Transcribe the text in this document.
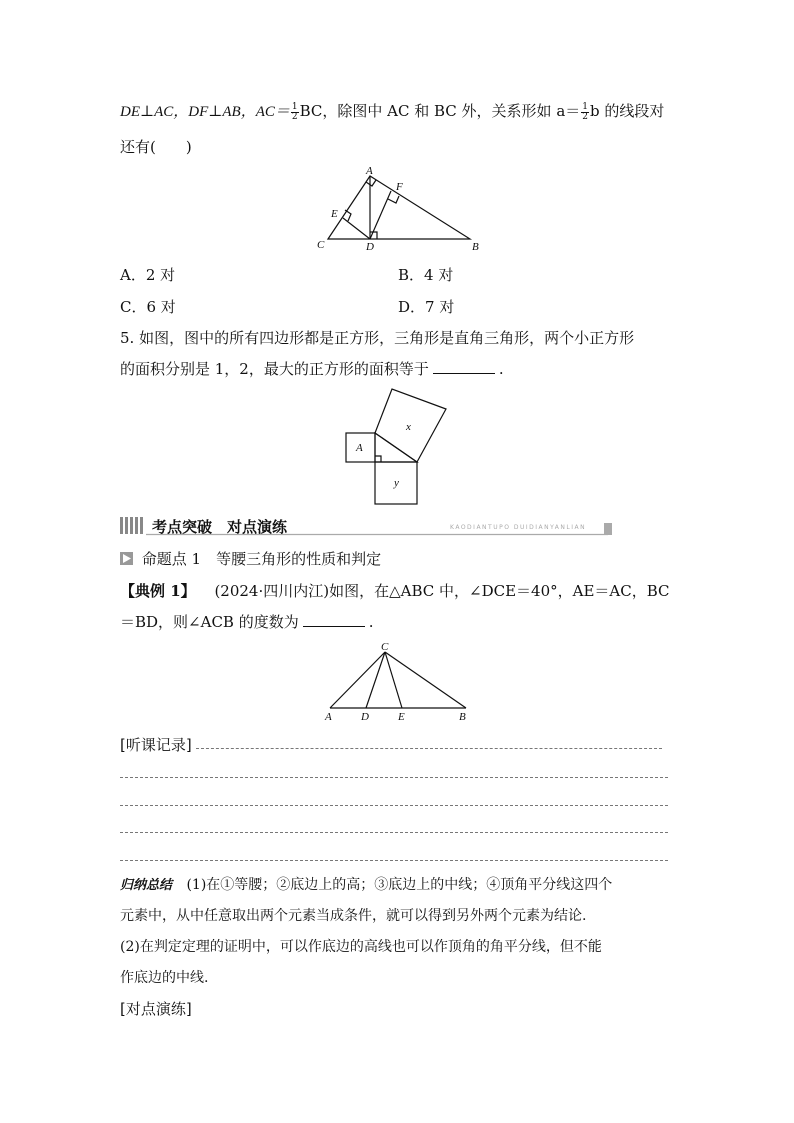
DE⊥AC，DF⊥AB，$AC= \frac{1}{2}$ BC，除图中 AC 和 BC 外，关系形如 $a= \frac{1}{2}$ b 的线段对
还有(　　)
A
F
E
C	D	B
A
x
y
C
A	D	E	B
A．2 对	B．4 对
C．6 对	D．7 对
5. 如图，图中的所有四边形都是正方形，三角形是直角三角形，两个小正方形
的面积分别是 1，2，最大的正方形的面积等于	.
考点突破　对点演练	KAODIANTUPO DUIDIANYANLIAN
命题点 1　等腰三角形的性质和判定
【典例 1】 (2024·四川内江)如图，在△ABC 中，∠DCE＝40°，AE＝AC，BC
＝BD，则∠ACB 的度数为	.
[听课记录]
归纳总结 (1)在①等腰；②底边上的高；③底边上的中线；④顶角平分线这四个
元素中，从中任意取出两个元素当成条件，就可以得到另外两个元素为结论.
(2)在判定定理的证明中，可以作底边的高线也可以作顶角的角平分线，但不能
作底边的中线.
[对点演练]
